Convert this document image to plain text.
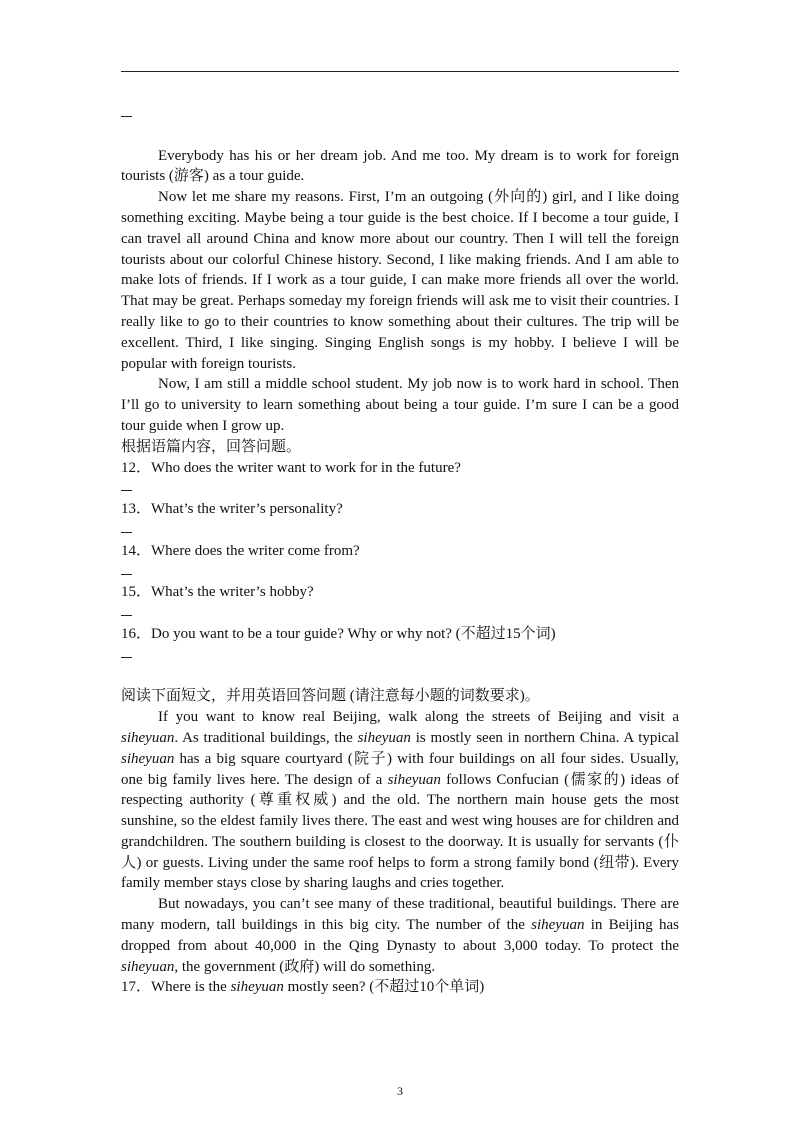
Everybody has his or her dream job. And me too. My dream is to work for foreign tourists (游客) as a tour guide.

Now let me share my reasons. First, I’m an outgoing (外向的) girl, and I like doing something exciting. Maybe being a tour guide is the best choice. If I become a tour guide, I can travel all around China and know more about our country. Then I will tell the foreign tourists about our colorful Chinese history. Second, I like making friends. And I am able to make lots of friends. If I work as a tour guide, I can make more friends all over the world. That may be great. Perhaps someday my foreign friends will ask me to visit their countries. I really like to go to their countries to know something about their cultures. The trip will be excellent. Third, I like singing. Singing English songs is my hobby. I believe I will be popular with foreign tourists.

Now, I am still a middle school student. My job now is to work hard in school. Then I’ll go to university to learn something about being a tour guide. I’m sure I can be a good tour guide when I grow up.

根据语篇内容，回答问题。

12．Who does the writer want to work for in the future?

13．What’s the writer’s personality?

14．Where does the writer come from?

15．What’s the writer’s hobby?

16．Do you want to be a tour guide? Why or why not? (不超过15个词)

阅读下面短文，并用英语回答问题 (请注意每小题的词数要求)。

If you want to know real Beijing, walk along the streets of Beijing and visit a siheyuan. As traditional buildings, the siheyuan is mostly seen in northern China. A typical siheyuan has a big square courtyard (院子) with four buildings on all four sides. Usually, one big family lives here. The design of a siheyuan follows Confucian (儒家的) ideas of respecting authority (尊重权威) and the old. The northern main house gets the most sunshine, so the eldest family lives there. The east and west wing houses are for children and grandchildren. The southern building is closest to the doorway. It is usually for servants (仆人) or guests. Living under the same roof helps to form a strong family bond (纽带). Every family member stays close by sharing laughs and cries together.

But nowadays, you can’t see many of these traditional, beautiful buildings. There are many modern, tall buildings in this big city. The number of the siheyuan in Beijing has dropped from about 40,000 in the Qing Dynasty to about 3,000 today. To protect the siheyuan, the government (政府) will do something.

17．Where is the siheyuan mostly seen? (不超过10个单词)

3
